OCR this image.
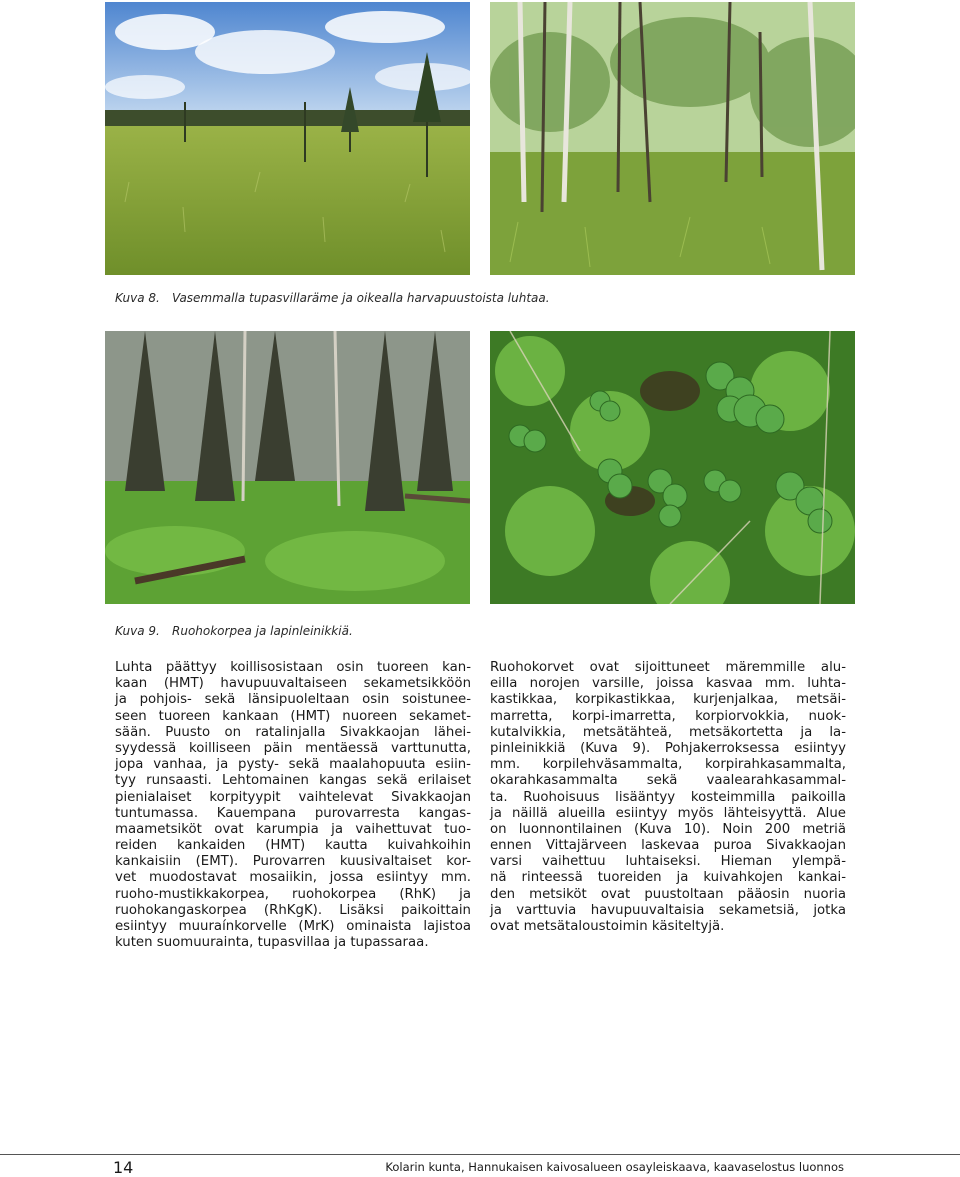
Kuva 8. Vasemmalla tupasvillaräme ja oikealla harvapuustoista luhtaa.
Kuva 9. Ruohokorpea ja lapinleinikkiä.
Luhta päättyy koillisosistaan osin tuoreen kan-
kaan (HMT) havupuuvaltaiseen sekametsikköön
ja pohjois- sekä länsipuoleltaan osin soistunee-
seen tuoreen kankaan (HMT) nuoreen sekamet-
sään. Puusto on ratalinjalla Sivakkaojan lähei-
syydessä koilliseen päin mentäessä varttunutta,
jopa vanhaa, ja pysty- sekä maalahopuuta esiin-
tyy runsaasti. Lehtomainen kangas sekä erilaiset
pienialaiset korpityypit vaihtelevat Sivakkaojan
tuntumassa. Kauempana purovarresta kangas-
maametsiköt ovat karumpia ja vaihettuvat tuo-
reiden kankaiden (HMT) kautta kuivahkoihin
kankaisiin (EMT). Purovarren kuusivaltaiset kor-
vet muodostavat mosaiikin, jossa esiintyy mm.
ruoho-mustikkakorpea, ruohokorpea (RhK) ja
ruohokangaskorpea (RhKgK). Lisäksi paikoittain
esiintyy muuraínkorvelle (MrK) ominaista lajistoa
kuten suomuurainta, tupasvillaa ja tupassaraa.
Ruohokorvet ovat sijoittuneet märemmille alu-
eilla norojen varsille, joissa kasvaa mm. luhta-
kastikkaa, korpikastikkaa, kurjenjalkaa, metsäi-
marretta, korpi-imarretta, korpiorvokkia, nuok-
kutalvikkia, metsätähteä, metsäkortetta ja la-
pinleinikkiä (Kuva 9). Pohjakerroksessa esiintyy
mm. korpilehväsammalta, korpirahkasammalta,
okarahkasammalta sekä vaalearahkasammal-
ta. Ruohoisuus lisääntyy kosteimmilla paikoilla
ja näillä alueilla esiintyy myös lähteisyyttä. Alue
on luonnontilainen (Kuva 10). Noin 200 metriä
ennen Vittajärveen laskevaa puroa Sivakkaojan
varsi vaihettuu luhtaiseksi. Hieman ylempä-
nä rinteessä tuoreiden ja kuivahkojen kankai-
den metsiköt ovat puustoltaan pääosin nuoria
ja varttuvia havupuuvaltaisia sekametsiä, jotka
ovat metsätaloustoimin käsiteltyjä.
14	Kolarin kunta, Hannukaisen kaivosalueen osayleiskaava, kaavaselostus luonnos
